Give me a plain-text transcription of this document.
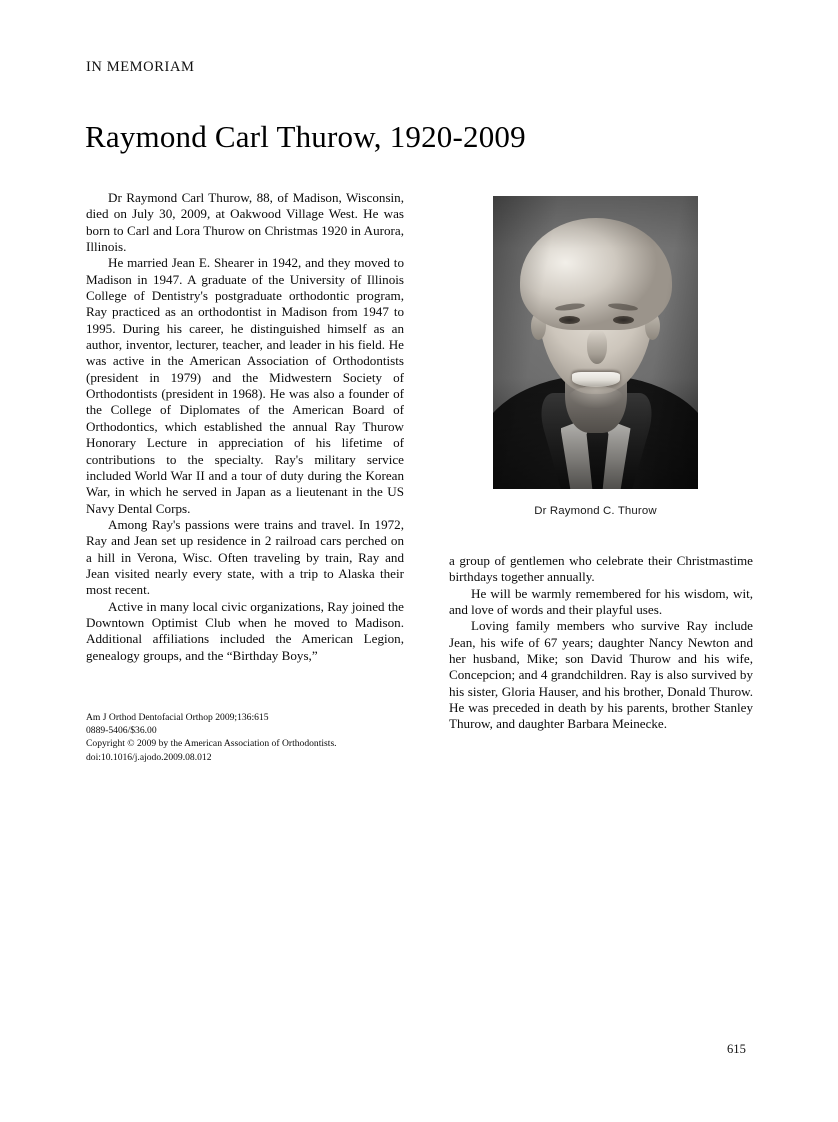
IN MEMORIAM
Raymond Carl Thurow, 1920-2009

Dr Raymond Carl Thurow, 88, of Madison, Wisconsin, died on July 30, 2009, at Oakwood Village West. He was born to Carl and Lora Thurow on Christmas 1920 in Aurora, Illinois.

He married Jean E. Shearer in 1942, and they moved to Madison in 1947. A graduate of the University of Illinois College of Dentistry's postgraduate orthodontic program, Ray practiced as an orthodontist in Madison from 1947 to 1995. During his career, he distinguished himself as an author, inventor, lecturer, teacher, and leader in his field. He was active in the American Association of Orthodontists (president in 1979) and the Midwestern Society of Orthodontists (president in 1968). He was also a founder of the College of Diplomates of the American Board of Orthodontics, which established the annual Ray Thurow Honorary Lecture in appreciation of his lifetime of contributions to the specialty. Ray's military service included World War II and a tour of duty during the Korean War, in which he served in Japan as a lieutenant in the US Navy Dental Corps.

Among Ray's passions were trains and travel. In 1972, Ray and Jean set up residence in 2 railroad cars perched on a hill in Verona, Wisc. Often traveling by train, Ray and Jean visited nearly every state, with a trip to Alaska their most recent.

Active in many local civic organizations, Ray joined the Downtown Optimist Club when he moved to Madison. Additional affiliations included the American Legion, genealogy groups, and the “Birthday Boys,”

Am J Orthod Dentofacial Orthop 2009;136:615
0889-5406/$36.00
Copyright © 2009 by the American Association of Orthodontists.
doi:10.1016/j.ajodo.2009.08.012
Dr Raymond C. Thurow

a group of gentlemen who celebrate their Christmastime birthdays together annually.

He will be warmly remembered for his wisdom, wit, and love of words and their playful uses.

Loving family members who survive Ray include Jean, his wife of 67 years; daughter Nancy Newton and her husband, Mike; son David Thurow and his wife, Concepcion; and 4 grandchildren. Ray is also survived by his sister, Gloria Hauser, and his brother, Donald Thurow. He was preceded in death by his parents, brother Stanley Thurow, and daughter Barbara Meinecke.

615
